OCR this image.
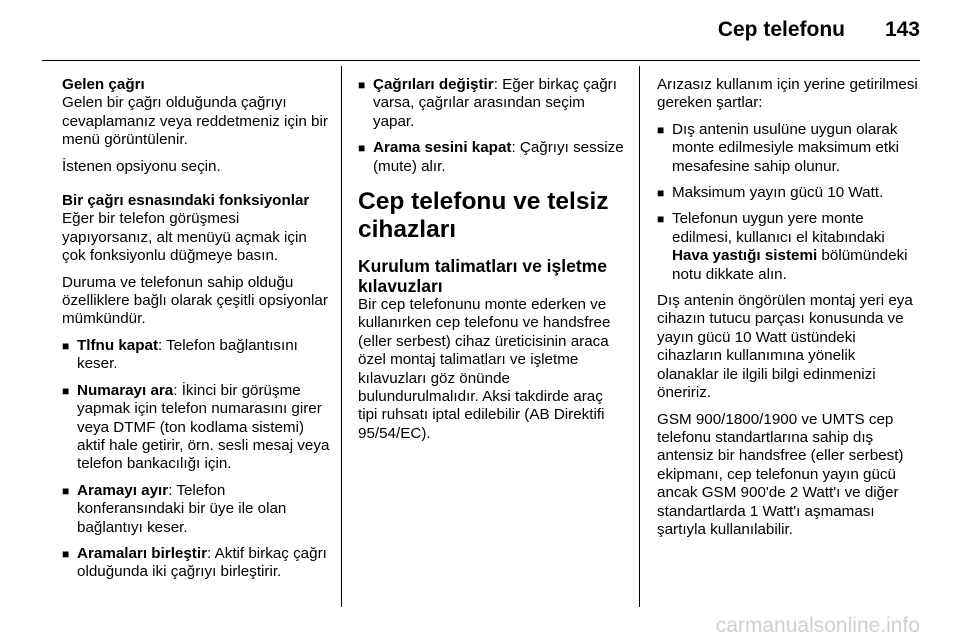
Cep telefonu 143
Gelen çağrı

Gelen bir çağrı olduğunda çağrıyı cevaplamanız veya reddetmeniz için bir menü görüntülenir.

İstenen opsiyonu seçin.

Bir çağrı esnasındaki fonksiyonlar

Eğer bir telefon görüşmesi yapıyorsanız, alt menüyü açmak için çok fonksiyonlu düğmeye basın.

Duruma ve telefonun sahip olduğu özelliklere bağlı olarak çeşitli opsiyonlar mümkündür.

■ Tlfnu kapat: Telefon bağlantısını keser.
■ Numarayı ara: İkinci bir görüşme yapmak için telefon numarasını girer veya DTMF (ton kodlama sistemi) aktif hale getirir, örn. sesli mesaj veya telefon bankacılığı için.
■ Aramayı ayır: Telefon konferansındaki bir üye ile olan bağlantıyı keser.
■ Aramaları birleştir: Aktif birkaç çağrı olduğunda iki çağrıyı birleştirir.
■ Çağrıları değiştir: Eğer birkaç çağrı varsa, çağrılar arasından seçim yapar.
■ Arama sesini kapat: Çağrıyı sessize (mute) alır.
Cep telefonu ve telsiz cihazları
Kurulum talimatları ve işletme kılavuzları

Bir cep telefonunu monte ederken ve kullanırken cep telefonu ve handsfree (eller serbest) cihaz üreticisinin araca özel montaj talimatları ve işletme kılavuzları göz önünde bulundurulmalıdır. Aksi takdirde araç tipi ruhsatı iptal edilebilir (AB Direktifi 95/54/EC).

Arızasız kullanım için yerine getirilmesi gereken şartlar:

■ Dış antenin usulüne uygun olarak monte edilmesiyle maksimum etki mesafesine sahip olunur.
■ Maksimum yayın gücü 10 Watt.
■ Telefonun uygun yere monte edilmesi, kullanıcı el kitabındaki Hava yastığı sistemi bölümündeki notu dikkate alın.

Dış antenin öngörülen montaj yeri eya cihazın tutucu parçası konusunda ve yayın gücü 10 Watt üstündeki cihazların kullanımına yönelik olanaklar ile ilgili bilgi edinmenizi öneririz.

GSM 900/1800/1900 ve UMTS cep telefonu standartlarına sahip dış antensiz bir handsfree (eller serbest) ekipmanı, cep telefonun yayın gücü ancak GSM 900'de 2 Watt'ı ve diğer standartlarda 1 Watt'ı aşmaması şartıyla kullanılabilir.

carmanualsonline.info
